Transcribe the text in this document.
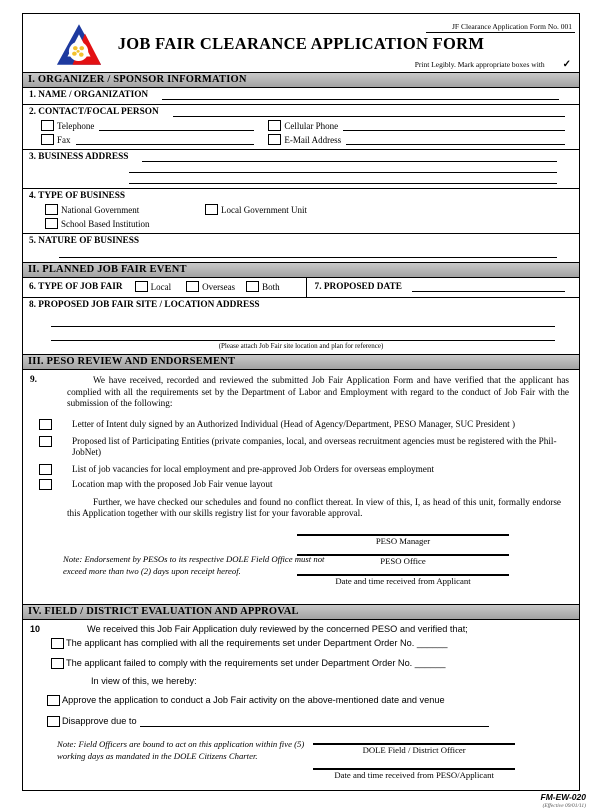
JF Clearance Application Form No. 001
JOB FAIR CLEARANCE APPLICATION FORM
Print Legibly. Mark appropriate boxes with ✓
I. ORGANIZER / SPONSOR INFORMATION
1. NAME / ORGANIZATION
2. CONTACT/FOCAL PERSON
Telephone	Cellular Phone
Fax	E-Mail Address
3. BUSINESS ADDRESS
4. TYPE OF BUSINESS
National Government	Local Government Unit
School Based Institution
5. NATURE OF BUSINESS
II. PLANNED JOB FAIR EVENT
6. TYPE OF JOB FAIR	Local	Overseas	Both	7. PROPOSED DATE
8. PROPOSED JOB FAIR SITE / LOCATION ADDRESS
(Please attach Job Fair site location and plan for reference)
III. PESO REVIEW AND ENDORSEMENT
9.	We have received, recorded and reviewed the submitted Job Fair Application Form and have verified that the applicant has complied with all the requirements set by the Department of Labor and Employment with regard to the conduct of Job Fair with the submission of the following:
Letter of Intent duly signed by an Authorized Individual (Head of Agency/Department, PESO Manager, SUC President )
Proposed list of Participating Entities (private companies, local, and overseas recruitment agencies must be registered with the Phil-JobNet)
List of job vacancies for local employment and pre-approved Job Orders for overseas employment
Location map with the proposed Job Fair venue layout
Further, we have checked our schedules and found no conflict thereat. In view of this, I, as head of this unit, formally endorse this Application together with our skills registry list for your favorable approval.
Note: Endorsement by PESOs to its respective DOLE Field Office must not exceed more than two (2) days upon receipt hereof.
PESO Manager
PESO Office
Date and time received from Applicant
IV. FIELD / DISTRICT EVALUATION AND APPROVAL
10	We received this Job Fair Application duly reviewed by the concerned PESO and verified that;
The applicant has complied with all the requirements set under Department Order No. ______
The applicant failed to comply with the requirements set under Department Order No. ______
In view of this, we hereby:
Approve the application to conduct a Job Fair activity on the above-mentioned date and venue
Disapprove due to
Note: Field Officers are bound to act on this application within five (5) working days as mandated in the DOLE Citizens Charter.
DOLE Field / District Officer
Date and time received from PESO/Applicant
FM-EW-020
(Effective 09/01/11)
